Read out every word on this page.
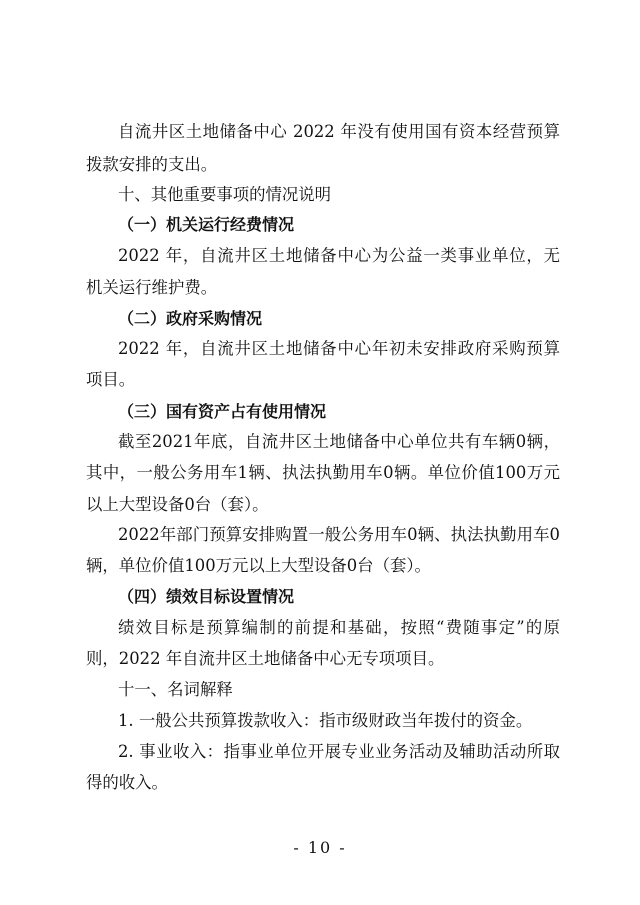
自流井区土地储备中心 2022 年没有使用国有资本经营预算
拨款安排的支出。
十、其他重要事项的情况说明
（一）机关运行经费情况
2022 年，自流井区土地储备中心为公益一类事业单位，无
机关运行维护费。
（二）政府采购情况
2022 年，自流井区土地储备中心年初未安排政府采购预算
项目。
（三）国有资产占有使用情况
截至2021年底，自流井区土地储备中心单位共有车辆0辆，
其中，一般公务用车1辆、执法执勤用车0辆。单位价值100万元
以上大型设备0台（套）。
2022年部门预算安排购置一般公务用车0辆、执法执勤用车0
辆，单位价值100万元以上大型设备0台（套）。
（四）绩效目标设置情况
绩效目标是预算编制的前提和基础，按照“费随事定”的原
则，2022 年自流井区土地储备中心无专项项目。
十一、名词解释
1. 一般公共预算拨款收入：指市级财政当年拨付的资金。
2. 事业收入：指事业单位开展专业业务活动及辅助活动所取
得的收入。
- 10 -
